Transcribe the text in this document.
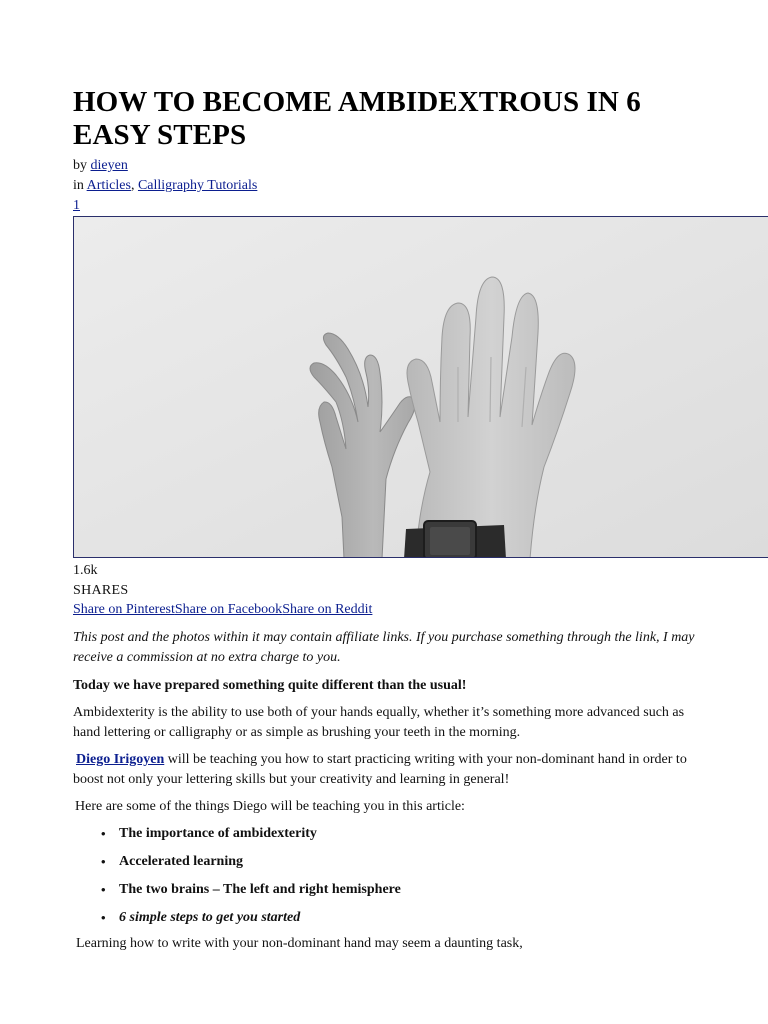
HOW TO BECOME AMBIDEXTROUS IN 6 EASY STEPS
by dieyen
in Articles, Calligraphy Tutorials
1
1.6k
SHARES
Share on PinterestShare on FacebookShare on Reddit

This post and the photos within it may contain affiliate links. If you purchase something through the link, I may receive a commission at no extra charge to you.

Today we have prepared something quite different than the usual!

Ambidexterity is the ability to use both of your hands equally, whether it’s something more advanced such as hand lettering or calligraphy or as simple as brushing your teeth in the morning.

Diego Irigoyen will be teaching you how to start practicing writing with your non-dominant hand in order to boost not only your lettering skills but your creativity and learning in general!

Here are some of the things Diego will be teaching you in this article:

• The importance of ambidexterity
• Accelerated learning
• The two brains – The left and right hemisphere
• 6 simple steps to get you started

Learning how to write with your non-dominant hand may seem a daunting task,
